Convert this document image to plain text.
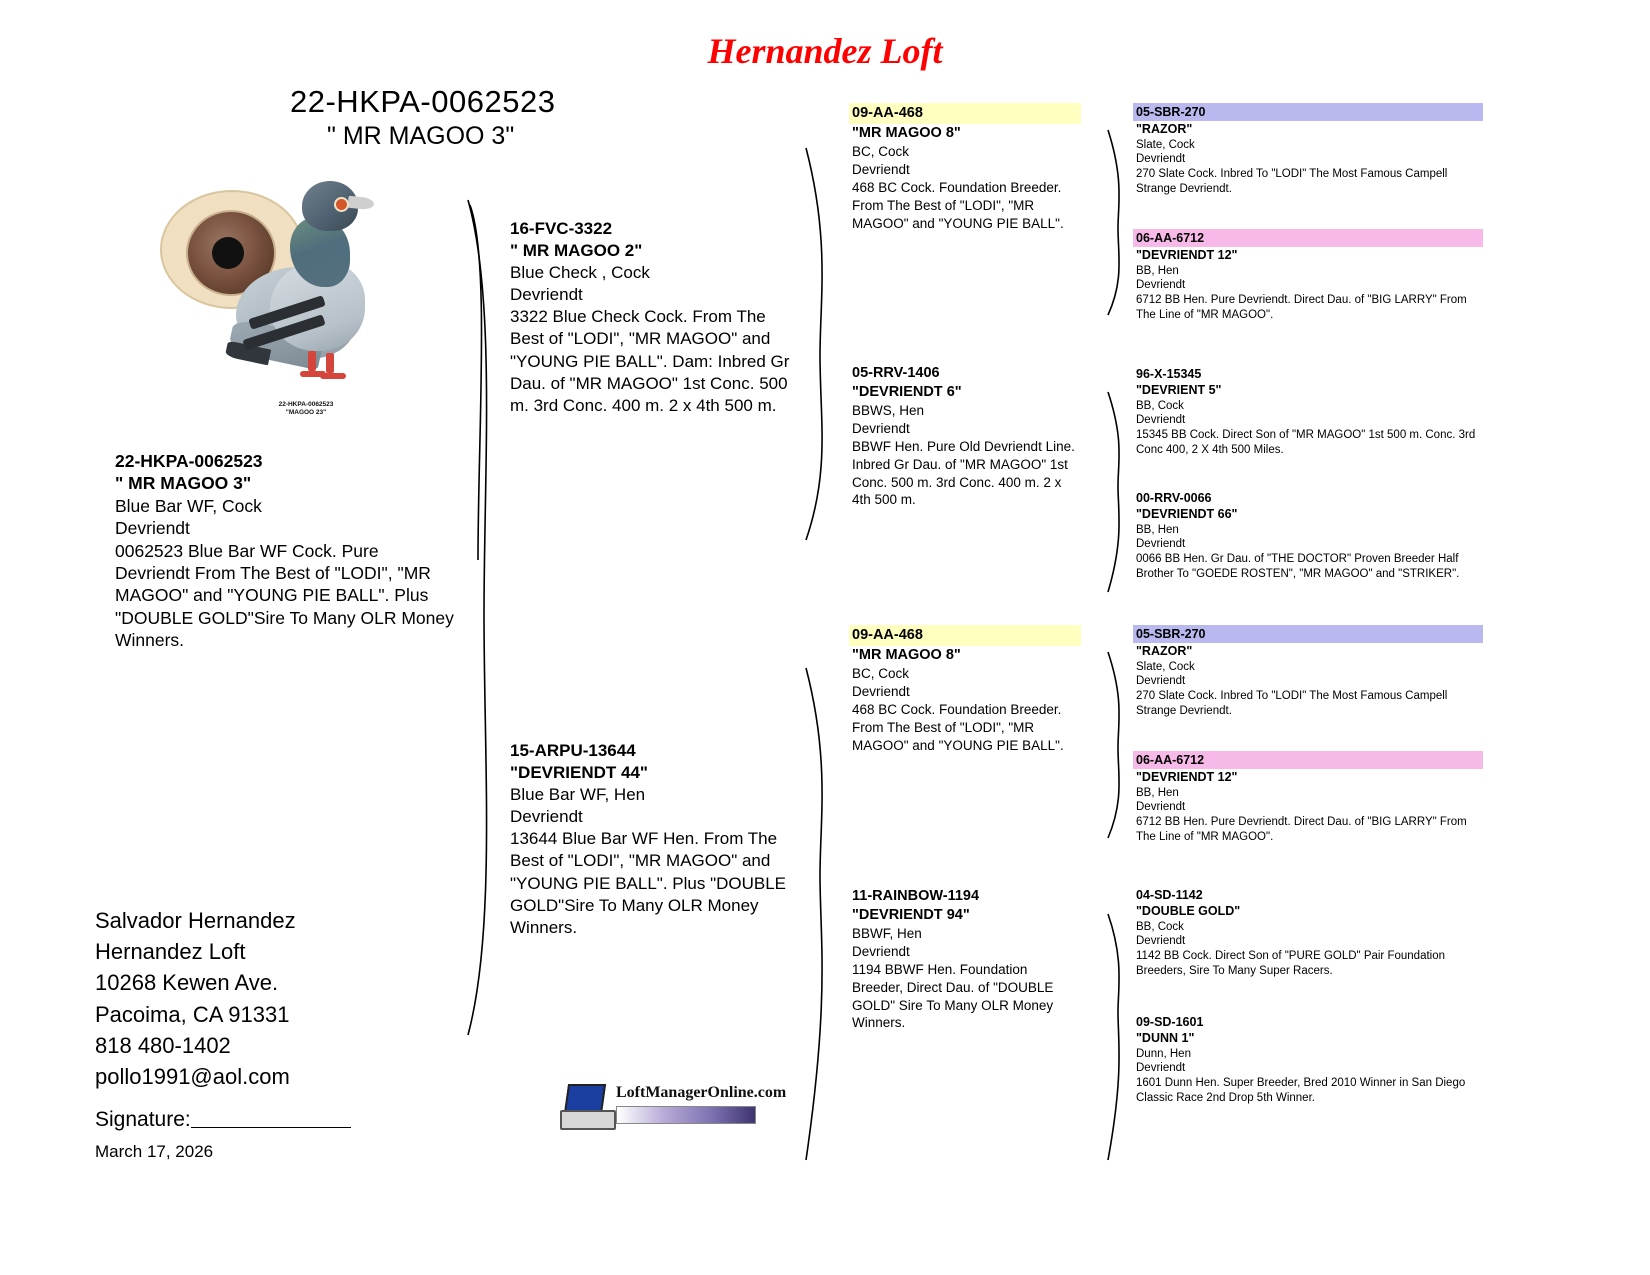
Hernandez Loft
22-HKPA-0062523
" MR MAGOO 3"
22-HKPA-0062523
"MAGOO 23"
22-HKPA-0062523
" MR MAGOO 3"
Blue Bar WF, Cock
Devriendt
0062523 Blue Bar WF Cock. Pure Devriendt From The Best of "LODI", "MR MAGOO" and "YOUNG PIE BALL". Plus "DOUBLE GOLD"Sire To Many OLR Money Winners.
16-FVC-3322
" MR MAGOO 2"
Blue Check , Cock
Devriendt
3322 Blue Check Cock. From The Best of "LODI", "MR MAGOO" and "YOUNG PIE BALL". Dam: Inbred Gr Dau. of "MR MAGOO" 1st Conc. 500 m. 3rd Conc. 400 m. 2 x 4th 500 m.
15-ARPU-13644
"DEVRIENDT 44"
Blue Bar WF, Hen
Devriendt
13644 Blue Bar WF Hen. From The Best of "LODI", "MR MAGOO" and "YOUNG PIE BALL". Plus "DOUBLE GOLD"Sire To Many OLR Money Winners.
09-AA-468
"MR MAGOO 8"
BC, Cock
Devriendt
468 BC Cock. Foundation Breeder. From The Best of "LODI", "MR MAGOO" and "YOUNG PIE BALL".
05-RRV-1406
"DEVRIENDT 6"
BBWS, Hen
Devriendt
BBWF Hen. Pure Old Devriendt Line. Inbred Gr Dau. of "MR MAGOO" 1st Conc. 500 m. 3rd Conc. 400 m. 2 x 4th 500 m.
09-AA-468
"MR MAGOO 8"
BC, Cock
Devriendt
468 BC Cock. Foundation Breeder. From The Best of "LODI", "MR MAGOO" and "YOUNG PIE BALL".
11-RAINBOW-1194
"DEVRIENDT 94"
BBWF, Hen
Devriendt
1194 BBWF Hen. Foundation Breeder, Direct Dau. of "DOUBLE GOLD" Sire To Many OLR Money Winners.
05-SBR-270
"RAZOR"
Slate, Cock
Devriendt
270 Slate Cock. Inbred To "LODI" The Most Famous Campell Strange Devriendt.
06-AA-6712
"DEVRIENDT 12"
BB, Hen
Devriendt
6712 BB Hen. Pure Devriendt. Direct Dau. of "BIG LARRY" From The Line of "MR MAGOO".
96-X-15345
"DEVRIENT 5"
BB, Cock
Devriendt
15345 BB Cock. Direct Son of "MR MAGOO" 1st 500 m. Conc. 3rd Conc 400, 2 X 4th 500 Miles.
00-RRV-0066
"DEVRIENDT 66"
BB, Hen
Devriendt
0066 BB Hen. Gr Dau. of "THE DOCTOR" Proven Breeder Half Brother To "GOEDE ROSTEN", "MR MAGOO" and "STRIKER".
05-SBR-270
"RAZOR"
Slate, Cock
Devriendt
270 Slate Cock. Inbred To "LODI" The Most Famous Campell Strange Devriendt.
06-AA-6712
"DEVRIENDT 12"
BB, Hen
Devriendt
6712 BB Hen. Pure Devriendt. Direct Dau. of "BIG LARRY" From The Line of "MR MAGOO".
04-SD-1142
"DOUBLE GOLD"
BB, Cock
Devriendt
1142 BB Cock. Direct Son of "PURE GOLD" Pair Foundation Breeders, Sire To Many Super Racers.
09-SD-1601
"DUNN 1"
Dunn, Hen
Devriendt
1601 Dunn Hen. Super Breeder, Bred 2010 Winner in San Diego Classic Race 2nd Drop 5th Winner.
Salvador Hernandez
Hernandez Loft
10268 Kewen Ave.
Pacoima, CA 91331
818 480-1402
pollo1991@aol.com
Signature:
March 17, 2026
LoftManagerOnline.com
